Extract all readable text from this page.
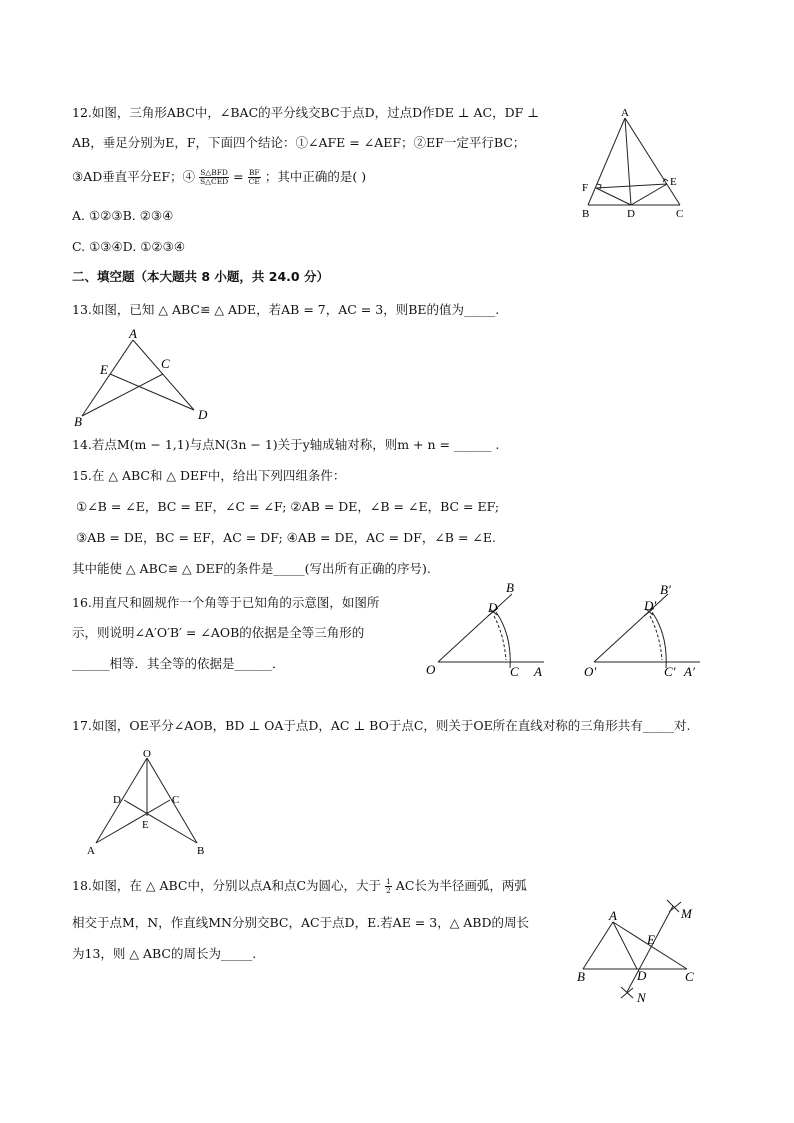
12.如图，三角形ABC中，∠BAC的平分线交BC于点D，过点D作DE ⊥ AC，DF ⊥
AB，垂足分别为E，F，下面四个结论：①∠AFE = ∠AEF；②EF一定平行BC；
③AD垂直平分EF；④ $\frac{\text{S△BFD}}{\text{S△CED}} = \frac{BF}{CE}$ ；其中正确的是( )
A. ①②③B. ②③④
C. ①③④D. ①②③④
A
B	C
D
E
F
二、填空题（本大题共 8 小题，共 24.0 分）
13.如图，已知 △ ABC≌ △ ADE，若AB = 7，AC = 3，则BE的值为_____.
A
E	C
B	D
14.若点M(m − 1,1)与点N(3n − 1)关于y轴成轴对称，则m + n = ______ .
15.在 △ ABC和 △ DEF中，给出下列四组条件：
①∠B = ∠E，BC = EF，∠C = ∠F; ②AB = DE，∠B = ∠E，BC = EF;
③AB = DE，BC = EF，AC = DF; ④AB = DE，AC = DF，∠B = ∠E.
其中能使 △ ABC≌ △ DEF的条件是_____(写出所有正确的序号).
16.用直尺和圆规作一个角等于已知角的示意图，如图所
示，则说明∠A′O′B′ = ∠AOB的依据是全等三角形的
______相等．其全等的依据是______．	O	A
B
C
D
O′	A′
B′
C′
D′
17.如图，OE平分∠AOB，BD ⊥ OA于点D，AC ⊥ BO于点C，则关于OE所在直线对称的三角形共有_____对.
O
D	C
E
A	B
18.如图，在 △ ABC中，分别以点A和点C为圆心，大于 $\frac{1}{2}$ AC长为半径画弧，两弧
相交于点M，N，作直线MN分别交BC，AC于点D，E.若AE = 3，△ ABD的周长
为13，则 △ ABC的周长为_____.
A
B	C
D
E
M
N
